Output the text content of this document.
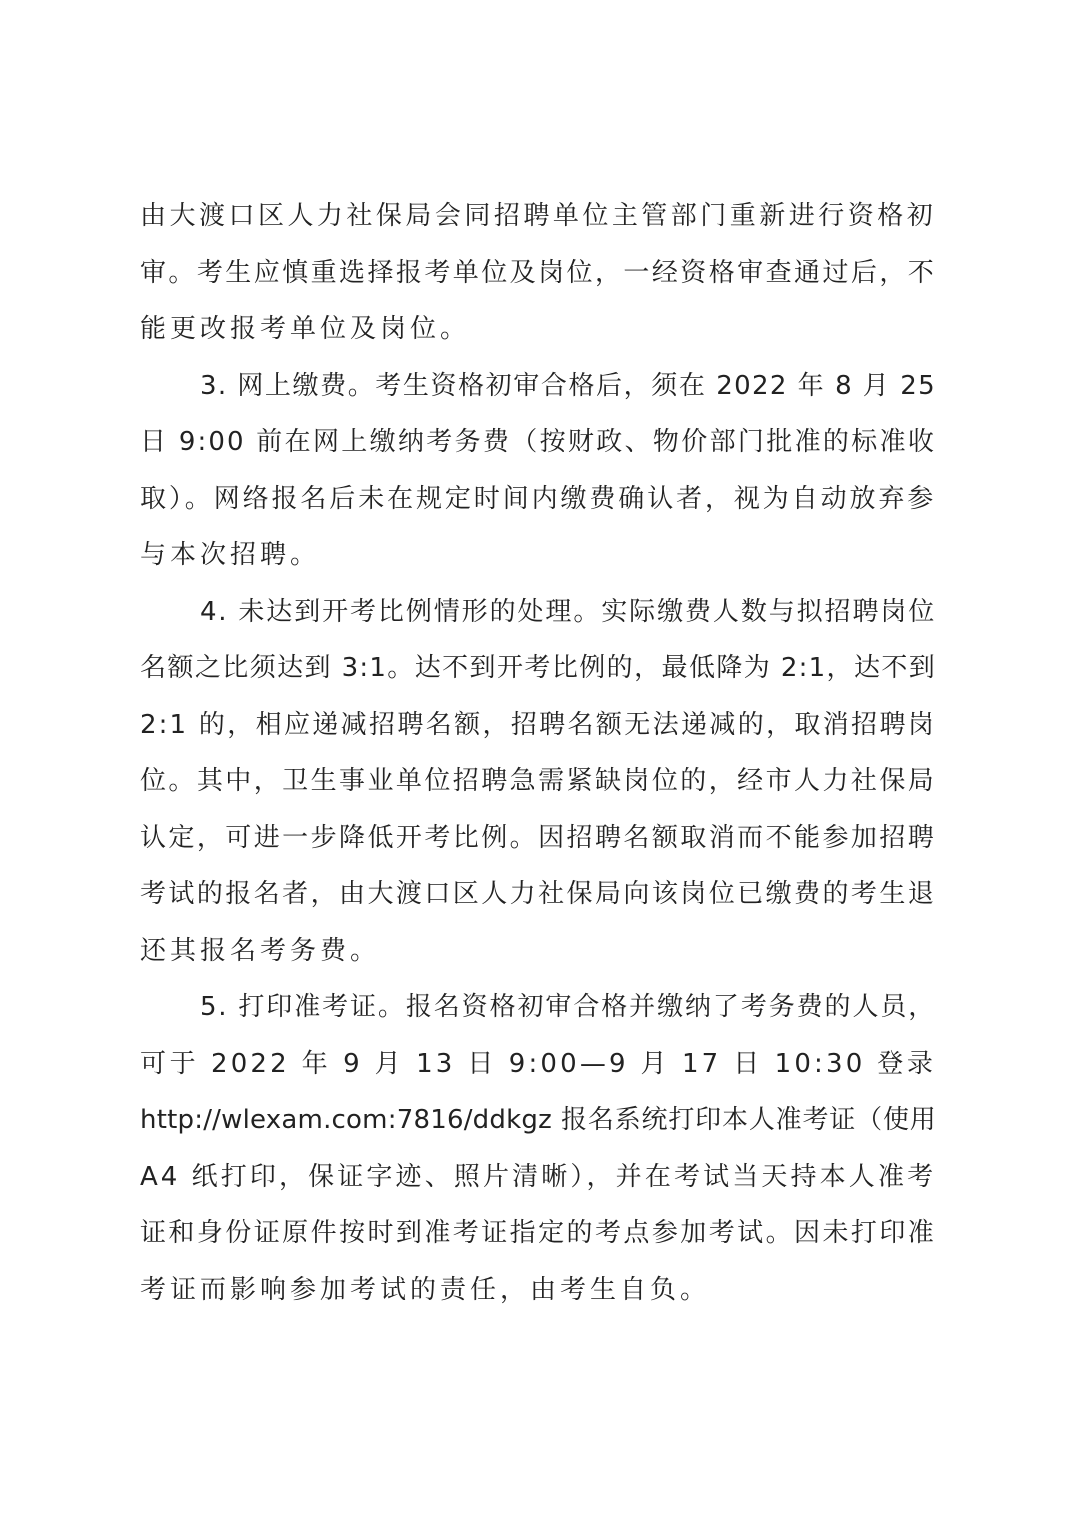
由大渡口区人力社保局会同招聘单位主管部门重新进行资格初
审。考生应慎重选择报考单位及岗位，一经资格审查通过后，不
能更改报考单位及岗位。

3. 网上缴费。考生资格初审合格后，须在 2022 年 8 月 25
日 9:00 前在网上缴纳考务费（按财政、物价部门批准的标准收
取）。网络报名后未在规定时间内缴费确认者，视为自动放弃参
与本次招聘。

4. 未达到开考比例情形的处理。实际缴费人数与拟招聘岗位
名额之比须达到 3:1。达不到开考比例的，最低降为 2:1，达不到
2:1 的，相应递减招聘名额，招聘名额无法递减的，取消招聘岗
位。其中，卫生事业单位招聘急需紧缺岗位的，经市人力社保局
认定，可进一步降低开考比例。因招聘名额取消而不能参加招聘
考试的报名者，由大渡口区人力社保局向该岗位已缴费的考生退
还其报名考务费。

5. 打印准考证。报名资格初审合格并缴纳了考务费的人员，
可于 2022 年 9 月 13 日 9:00—9 月 17 日 10:30 登录
http://wlexam.com:7816/ddkgz 报名系统打印本人准考证（使用
A4 纸打印，保证字迹、照片清晰），并在考试当天持本人准考
证和身份证原件按时到准考证指定的考点参加考试。因未打印准
考证而影响参加考试的责任，由考生自负。
